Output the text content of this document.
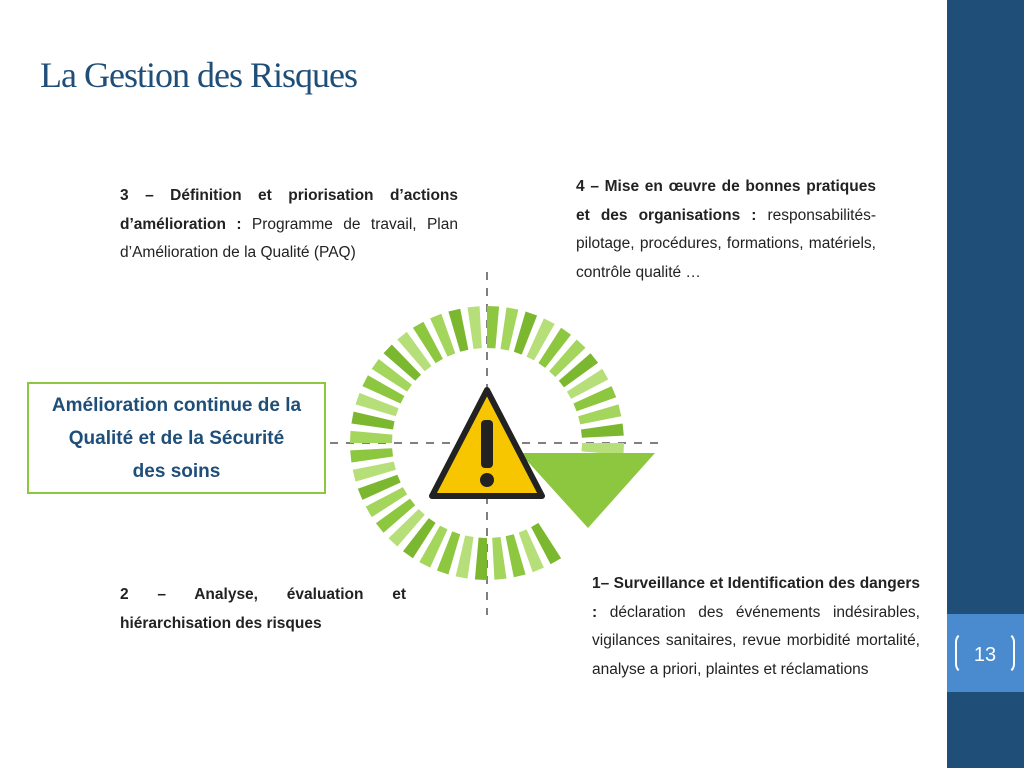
13
La Gestion des Risques
3 – Définition et priorisation d’actions d’amélioration : Programme de travail, Plan d’Amélioration de la Qualité (PAQ)
4 – Mise en œuvre de bonnes pratiques et des organisations : responsabilités-pilotage, procédures, formations, matériels, contrôle qualité …
2 – Analyse, évaluation et hiérarchisation des risques
1– Surveillance et Identification des dangers : déclaration des événements indésirables, vigilances sanitaires, revue morbidité mortalité, analyse a priori, plaintes et réclamations
Amélioration continue de la Qualité et de la Sécurité des soins
